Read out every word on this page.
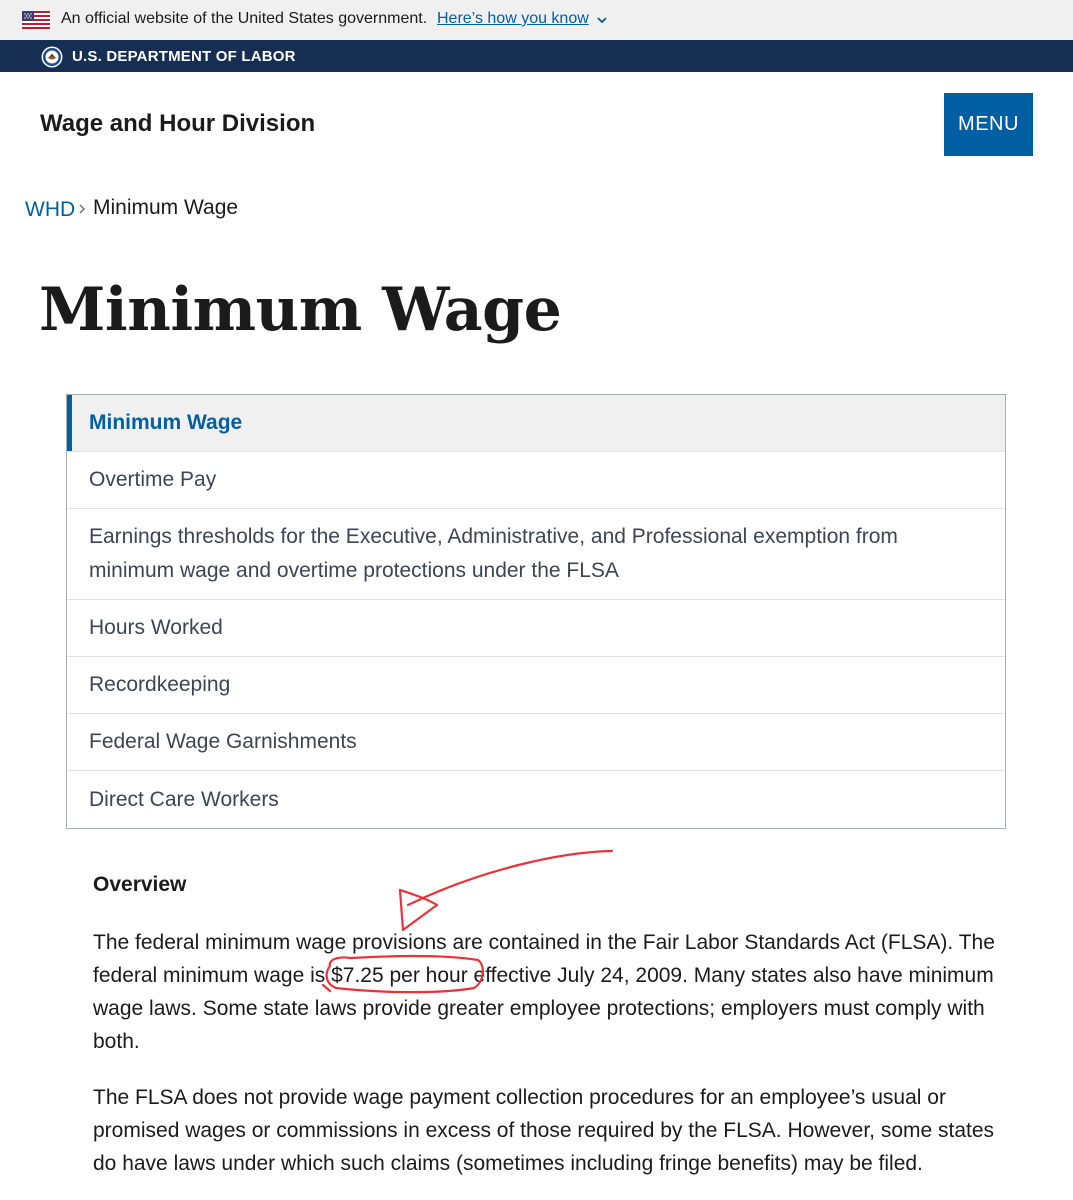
An official website of the United States government. Here’s how you know
U.S. DEPARTMENT OF LABOR
Wage and Hour Division	MENU
WHD Minimum Wage
Minimum Wage
Minimum Wage
Overtime Pay
Earnings thresholds for the Executive, Administrative, and Professional exemption from minimum wage and overtime protections under the FLSA
Hours Worked
Recordkeeping
Federal Wage Garnishments
Direct Care Workers
Overview

The federal minimum wage provisions are contained in the Fair Labor Standards Act (FLSA). The federal minimum wage is $7.25 per hour effective July 24, 2009. Many states also have minimum wage laws. Some state laws provide greater employee protections; employers must comply with both.

The FLSA does not provide wage payment collection procedures for an employee’s usual or promised wages or commissions in excess of those required by the FLSA. However, some states do have laws under which such claims (sometimes including fringe benefits) may be filed.
